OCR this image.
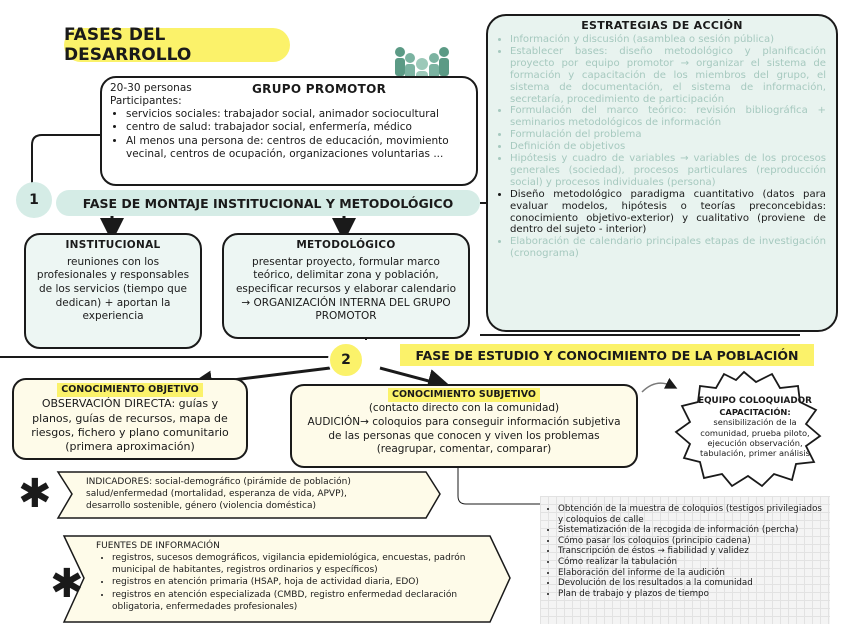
FASES DEL DESARROLLO
GRUPO PROMOTOR
20-30 personas
Participantes:
• servicios sociales: trabajador social, animador sociocultural
• centro de salud: trabajador social, enfermería, médico
• Al menos una persona de: centros de educación, movimiento vecinal, centros de ocupación, organizaciones voluntarias ...
1	FASE DE MONTAJE INSTITUCIONAL Y METODOLÓGICO
INSTITUCIONAL
reuniones con los profesionales y responsables de los servicios (tiempo que dedican) + aportan la experiencia
METODOLÓGICO
presentar proyecto, formular marco teórico, delimitar zona y población, especificar recursos y elaborar calendario → ORGANIZACIÓN INTERNA DEL GRUPO PROMOTOR
ESTRATEGIAS DE ACCIÓN
• Información y discusión (asamblea o sesión pública)
• Establecer bases: diseño metodológico y planificación proyecto por equipo promotor → organizar el sistema de formación y capacitación de los miembros del grupo, el sistema de documentación, el sistema de información, secretaría, procedimiento de participación
• Formulación del marco teórico: revisión bibliográfica + seminarios metodológicos de información
• Formulación del problema
• Definición de objetivos
• Hipótesis y cuadro de variables → variables de los procesos generales (sociedad), procesos particulares (reproducción social) y procesos individuales (persona)
• Diseño metodológico paradigma cuantitativo (datos para evaluar modelos, hipótesis o teorías preconcebidas: conocimiento objetivo-exterior) y cualitativo (proviene de dentro del sujeto - interior)
• Elaboración de calendario principales etapas de investigación (cronograma)
2	FASE DE ESTUDIO Y CONOCIMIENTO DE LA POBLACIÓN
CONOCIMIENTO OBJETIVO
OBSERVACIÓN DIRECTA: guías y planos, guías de recursos, mapa de riesgos, fichero y plano comunitario (primera aproximación)
CONOCIMIENTO SUBJETIVO
(contacto directo con la comunidad)
AUDICIÓN→ coloquios para conseguir información subjetiva de las personas que conocen y viven los problemas
(reagrupar, comentar, comparar)
EQUIPO COLOQUIADOR
CAPACITACIÓN:
sensibilización de la comunidad, prueba piloto, ejecución observación, tabulación, primer análisis
✱
✱
INDICADORES: social-demográfico (pirámide de población)
salud/enfermedad (mortalidad, esperanza de vida, APVP),
desarrollo sostenible, género (violencia doméstica)
FUENTES DE INFORMACIÓN
• registros, sucesos demográficos, vigilancia epidemiológica, encuestas, padrón municipal de habitantes, registros ordinarios y específicos)
• registros en atención primaria (HSAP, hoja de actividad diaria, EDO)
• registros en atención especializada (CMBD, registro enfermedad declaración obligatoria, enfermedades profesionales)
• Obtención de la muestra de coloquios (testigos privilegiados y coloquios de calle
• Sistematización de la recogida de información (percha)
• Cómo pasar los coloquios (principio cadena)
• Transcripción de éstos → fiabilidad y validez
• Cómo realizar la tabulación
• Elaboración del informe de la audición
• Devolución de los resultados a la comunidad
• Plan de trabajo y plazos de tiempo
